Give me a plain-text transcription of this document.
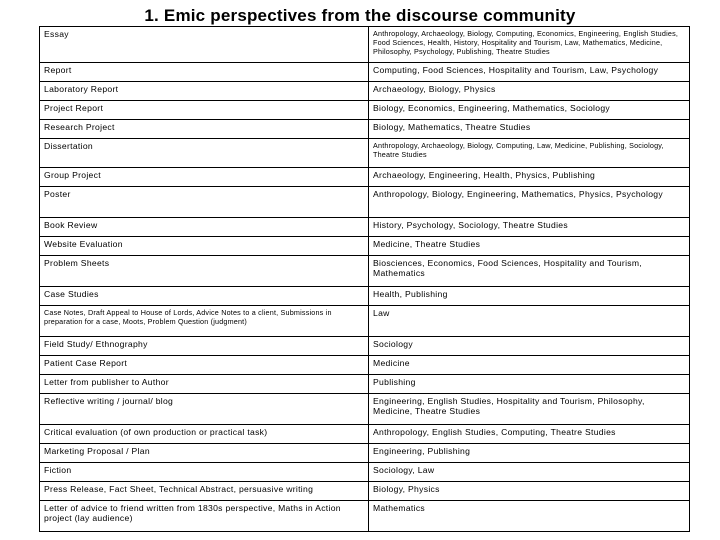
1. Emic perspectives from the discourse community
Essay	Anthropology, Archaeology, Biology, Computing, Economics, Engineering, English Studies, Food Sciences, Health, History, Hospitality and Tourism, Law, Mathematics, Medicine, Philosophy, Psychology, Publishing, Theatre Studies
Report	Computing, Food Sciences, Hospitality and Tourism, Law, Psychology
Laboratory Report	Archaeology, Biology, Physics
Project Report	Biology, Economics, Engineering, Mathematics, Sociology
Research Project	Biology, Mathematics, Theatre Studies
Dissertation	Anthropology, Archaeology, Biology, Computing, Law, Medicine, Publishing, Sociology, Theatre Studies
Group Project	Archaeology, Engineering, Health, Physics, Publishing
Poster	Anthropology, Biology, Engineering, Mathematics, Physics, Psychology
Book Review	History, Psychology, Sociology, Theatre Studies
Website Evaluation	Medicine, Theatre Studies
Problem Sheets	Biosciences, Economics, Food Sciences, Hospitality and Tourism, Mathematics
Case Studies	Health, Publishing
Case Notes, Draft Appeal to House of Lords, Advice Notes to a client, Submissions in preparation for a case, Moots, Problem Question (judgment)	Law
Field Study/ Ethnography	Sociology
Patient Case Report	Medicine
Letter from publisher to Author	Publishing
Reflective writing / journal/ blog	Engineering, English Studies, Hospitality and Tourism, Philosophy, Medicine, Theatre Studies
Critical evaluation (of own production or practical task)	Anthropology, English Studies, Computing, Theatre Studies
Marketing Proposal / Plan	Engineering, Publishing
Fiction	Sociology, Law
Press Release, Fact Sheet, Technical Abstract, persuasive writing	Biology, Physics
Letter of advice to friend written from 1830s perspective, Maths in Action project (lay audience)	Mathematics
